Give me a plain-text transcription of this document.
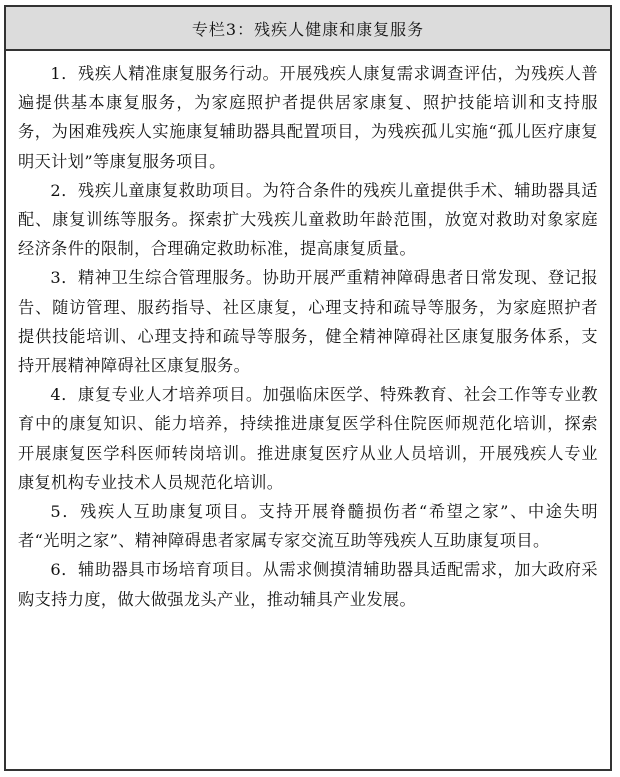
专栏3：残疾人健康和康复服务

1．残疾人精准康复服务行动。开展残疾人康复需求调查评估，为残疾人普遍提供基本康复服务，为家庭照护者提供居家康复、照护技能培训和支持服务，为困难残疾人实施康复辅助器具配置项目，为残疾孤儿实施“孤儿医疗康复明天计划”等康复服务项目。

2．残疾儿童康复救助项目。为符合条件的残疾儿童提供手术、辅助器具适配、康复训练等服务。探索扩大残疾儿童救助年龄范围，放宽对救助对象家庭经济条件的限制，合理确定救助标准，提高康复质量。

3．精神卫生综合管理服务。协助开展严重精神障碍患者日常发现、登记报告、随访管理、服药指导、社区康复，心理支持和疏导等服务，为家庭照护者提供技能培训、心理支持和疏导等服务，健全精神障碍社区康复服务体系，支持开展精神障碍社区康复服务。

4．康复专业人才培养项目。加强临床医学、特殊教育、社会工作等专业教育中的康复知识、能力培养，持续推进康复医学科住院医师规范化培训，探索开展康复医学科医师转岗培训。推进康复医疗从业人员培训，开展残疾人专业康复机构专业技术人员规范化培训。

5．残疾人互助康复项目。支持开展脊髓损伤者“希望之家”、中途失明者“光明之家”、精神障碍患者家属专家交流互助等残疾人互助康复项目。

6．辅助器具市场培育项目。从需求侧摸清辅助器具适配需求，加大政府采购支持力度，做大做强龙头产业，推动辅具产业发展。
